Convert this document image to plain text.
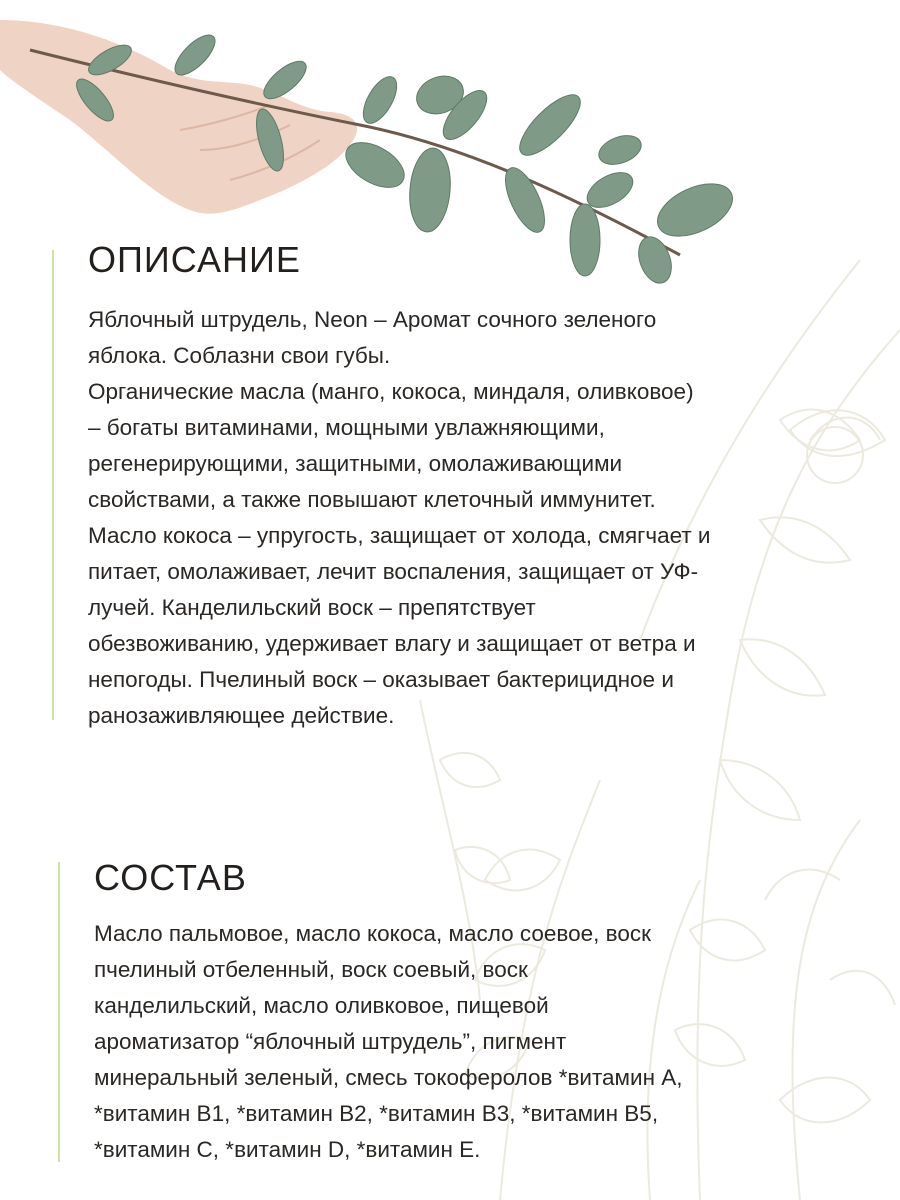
ОПИСАНИЕ

Яблочный штрудель, Neon – Аромат сочного зеленого
яблока. Соблазни свои губы.
Органические масла (манго, кокоса, миндаля, оливковое)
– богаты витаминами, мощными увлажняющими,
регенерирующими, защитными, омолаживающими
свойствами, а также повышают клеточный иммунитет.
Масло кокоса – упругость, защищает от холода, смягчает и
питает, омолаживает, лечит воспаления, защищает от УФ-
лучей. Канделильский воск – препятствует
обезвоживанию, удерживает влагу и защищает от ветра и
непогоды. Пчелиный воск – оказывает бактерицидное и
ранозаживляющее действие.

СОСТАВ

Масло пальмовое, масло кокоса, масло соевое, воск
пчелиный отбеленный, воск соевый, воск
канделильский, масло оливковое, пищевой
ароматизатор “яблочный штрудель”, пигмент
минеральный зеленый, смесь токоферолов *витамин А,
*витамин В1, *витамин В2, *витамин В3, *витамин В5,
*витамин С, *витамин D, *витамин Е.
